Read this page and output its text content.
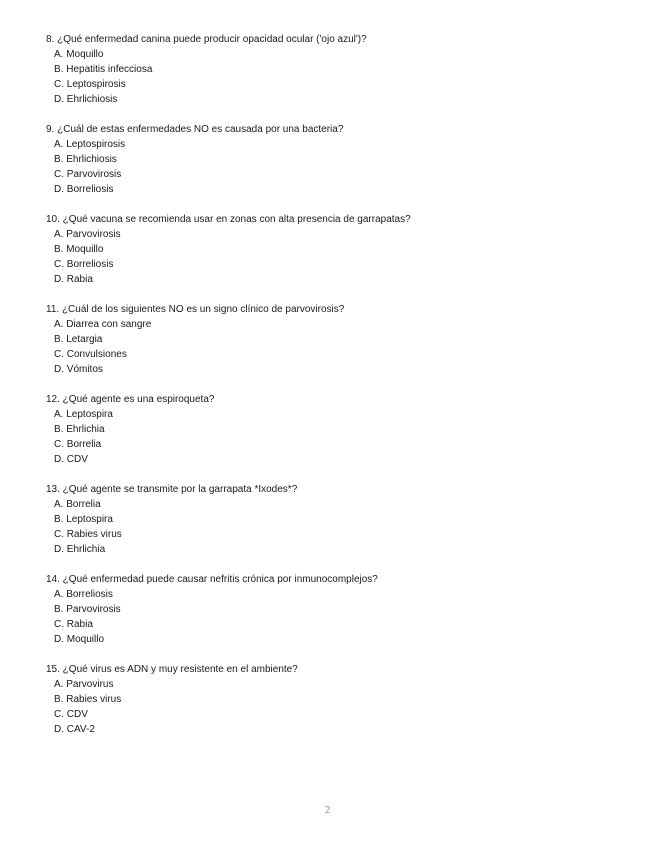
8. ¿Qué enfermedad canina puede producir opacidad ocular ('ojo azul')?
A. Moquillo
B. Hepatitis infecciosa
C. Leptospirosis
D. Ehrlichiosis
9. ¿Cuál de estas enfermedades NO es causada por una bacteria?
A. Leptospirosis
B. Ehrlichiosis
C. Parvovirosis
D. Borreliosis
10. ¿Qué vacuna se recomienda usar en zonas con alta presencia de garrapatas?
A. Parvovirosis
B. Moquillo
C. Borreliosis
D. Rabia
11. ¿Cuál de los siguientes NO es un signo clínico de parvovirosis?
A. Diarrea con sangre
B. Letargia
C. Convulsiones
D. Vómitos
12. ¿Qué agente es una espiroqueta?
A. Leptospira
B. Ehrlichia
C. Borrelia
D. CDV
13. ¿Qué agente se transmite por la garrapata *Ixodes*?
A. Borrelia
B. Leptospira
C. Rabies virus
D. Ehrlichia
14. ¿Qué enfermedad puede causar nefritis crónica por inmunocomplejos?
A. Borreliosis
B. Parvovirosis
C. Rabia
D. Moquillo
15. ¿Qué virus es ADN y muy resistente en el ambiente?
A. Parvovirus
B. Rabies virus
C. CDV
D. CAV-2
2
